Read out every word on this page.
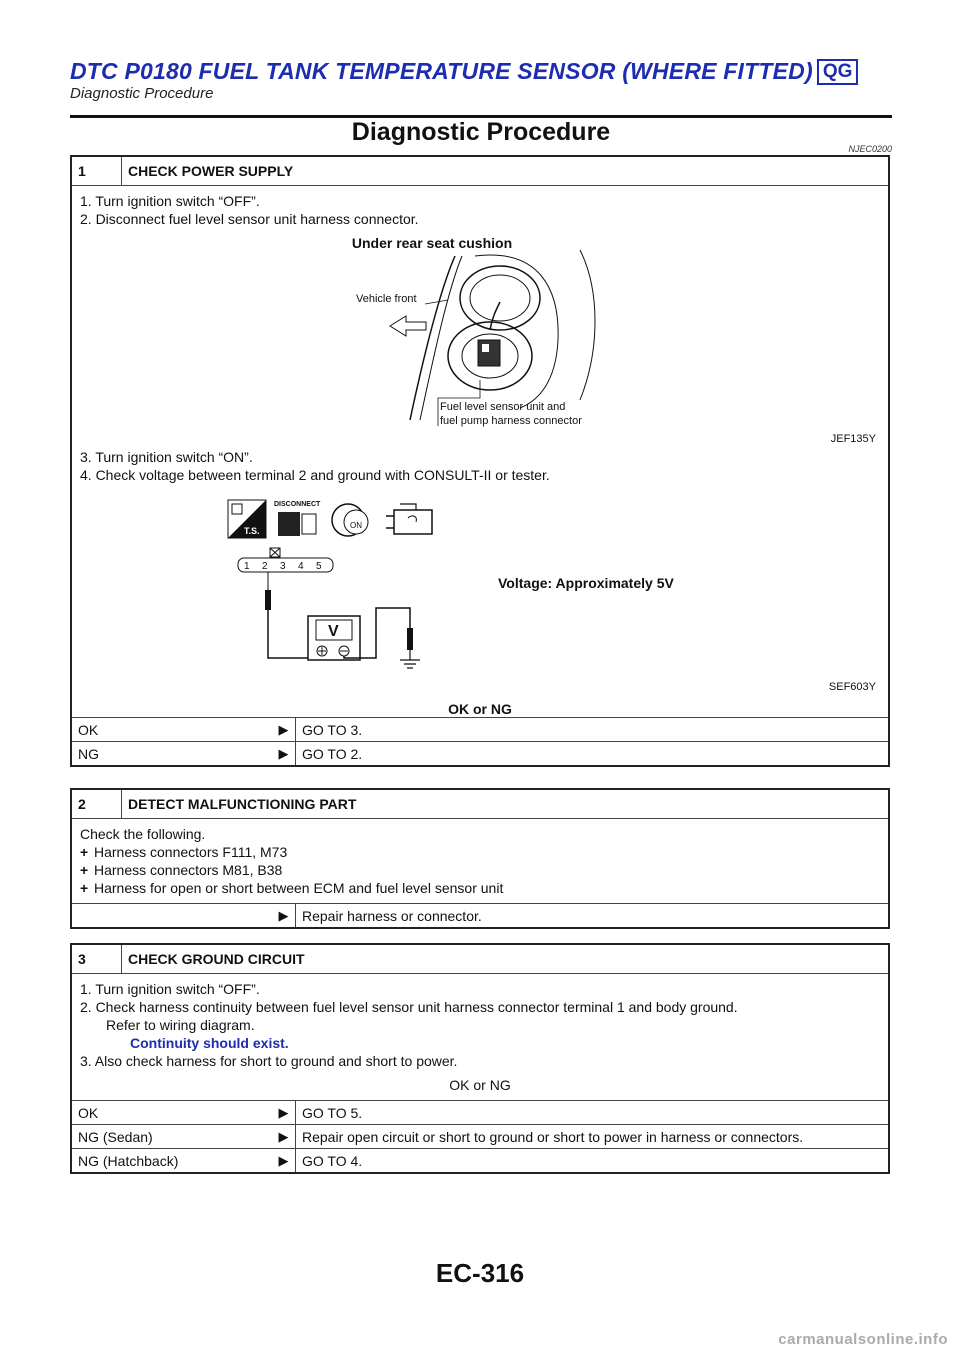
DTC P0180 FUEL TANK TEMPERATURE SENSOR (WHERE FITTED) QG
Diagnostic Procedure
Diagnostic Procedure
NJEC0200
1	CHECK POWER SUPPLY

1. Turn ignition switch “OFF”.

2. Disconnect fuel level sensor unit harness connector.

Under rear seat cushion
Vehicle front
Fuel level sensor unit and
fuel pump harness connector
JEF135Y

3. Turn ignition switch “ON”.

4. Check voltage between terminal 2 and ground with CONSULT-II or tester.

T.S.
DISCONNECT
ON
1 2 3 4 5
V
Voltage: Approximately 5V
SEF603Y
OK or NG
OK	▶ GO TO 3.
NG	▶ GO TO 2.
2	DETECT MALFUNCTIONING PART

Check the following.

+ Harness connectors F111, M73

+ Harness connectors M81, B38

+ Harness for open or short between ECM and fuel level sensor unit

▶ Repair harness or connector.
3	CHECK GROUND CIRCUIT

1. Turn ignition switch “OFF”.

2. Check harness continuity between fuel level sensor unit harness connector terminal 1 and body ground.

Refer to wiring diagram.

Continuity should exist.

3. Also check harness for short to ground and short to power.

OK or NG
OK	▶ GO TO 5.
NG (Sedan)	▶ Repair open circuit or short to ground or short to power in harness or connectors.
NG (Hatchback)	▶ GO TO 4.
EC-316
carmanualsonline.info
